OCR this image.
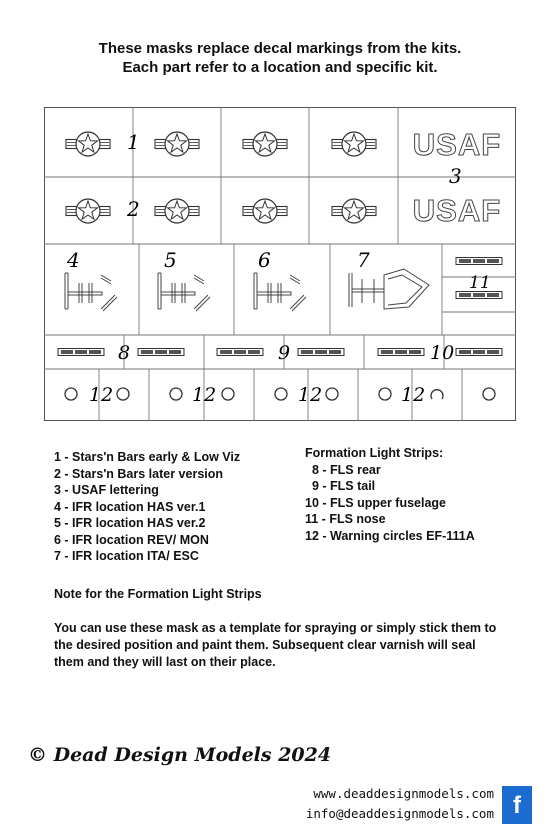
These masks replace decal markings from the kits.
Each part refer to a location and specific kit.
USAF
USAF
1
2
3
4	5	6	7
11
8	9	10
12	12	12	12
1 - Stars'n Bars early & Low Viz
2 - Stars'n Bars later version
3 - USAF lettering
4 - IFR location HAS ver.1
5 - IFR location HAS ver.2
6 - IFR location REV/ MON
7 - IFR location ITA/ ESC
Formation Light Strips:
8 - FLS rear
9 - FLS tail
10 - FLS upper fuselage
11 - FLS nose
12 - Warning circles EF-111A
Note for the Formation Light Strips
You can use these mask as a template for spraying or simply stick them to the desired position and paint them. Subsequent clear varnish will seal them and they will last on their place.
© Dead Design Models 2024
www.deaddesignmodels.com
info@deaddesignmodels.com f
